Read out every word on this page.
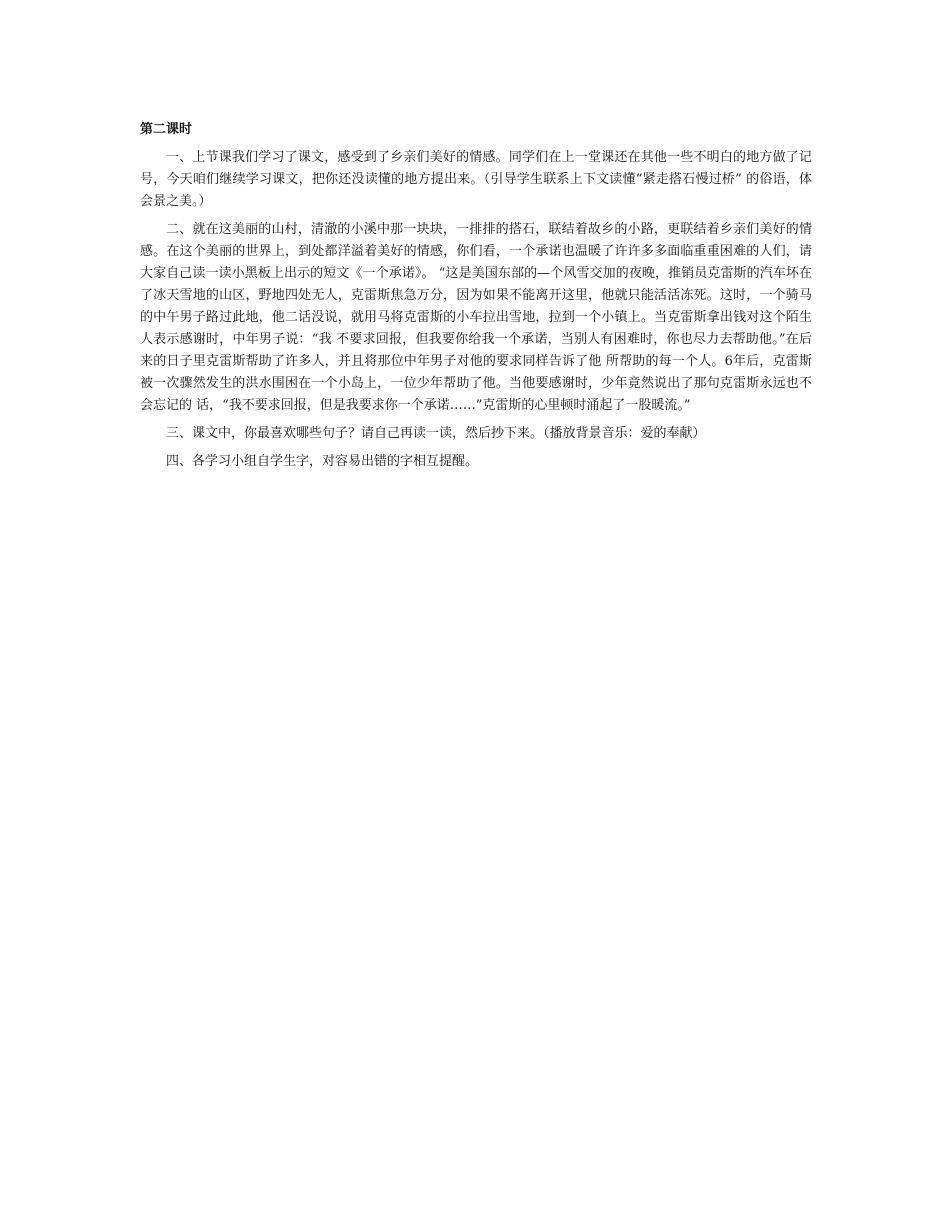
第二课时

一、上节课我们学习了课文，感受到了乡亲们美好的情感。同学们在上一堂课还在其他一些不明白的地方做了记号，今天咱们继续学习课文，把你还没读懂的地方提出来。（引导学生联系上下文读懂“紧走搭石慢过桥” 的俗语，体会景之美。）

二、就在这美丽的山村，清澈的小溪中那一块块，一排排的搭石，联结着故乡的小路，更联结着乡亲们美好的情感。在这个美丽的世界上，到处都洋溢着美好的情感，你们看，一个承诺也温暖了许许多多面临重重困难的人们，请大家自己读一读小黑板上出示的短文《一个承诺》。 “这是美国东部的—个风雪交加的夜晚，推销员克雷斯的汽车坏在了冰天雪地的山区，野地四处无人，克雷斯焦急万分，因为如果不能离开这里，他就只能活活冻死。这时，一个骑马的中午男子路过此地，他二话没说，就用马将克雷斯的小车拉出雪地，拉到一个小镇上。当克雷斯拿出钱对这个陌生人表示感谢时，中年男子说：“我 不要求回报，但我要你给我一个承诺，当别人有困难时，你也尽力去帮助他。”在后来的日子里克雷斯帮助了许多人，并且将那位中年男子对他的要求同样告诉了他 所帮助的每一个人。6年后，克雷斯被一次骤然发生的洪水围困在一个小岛上，一位少年帮助了他。当他要感谢时，少年竟然说出了那句克雷斯永远也不会忘记的 话，“我不要求回报，但是我要求你一个承诺……”克雷斯的心里顿时涌起了一股暖流。”

三、课文中，你最喜欢哪些句子？请自己再读一读，然后抄下来。（播放背景音乐：爱的奉献）

四、各学习小组自学生字，对容易出错的字相互提醒。
